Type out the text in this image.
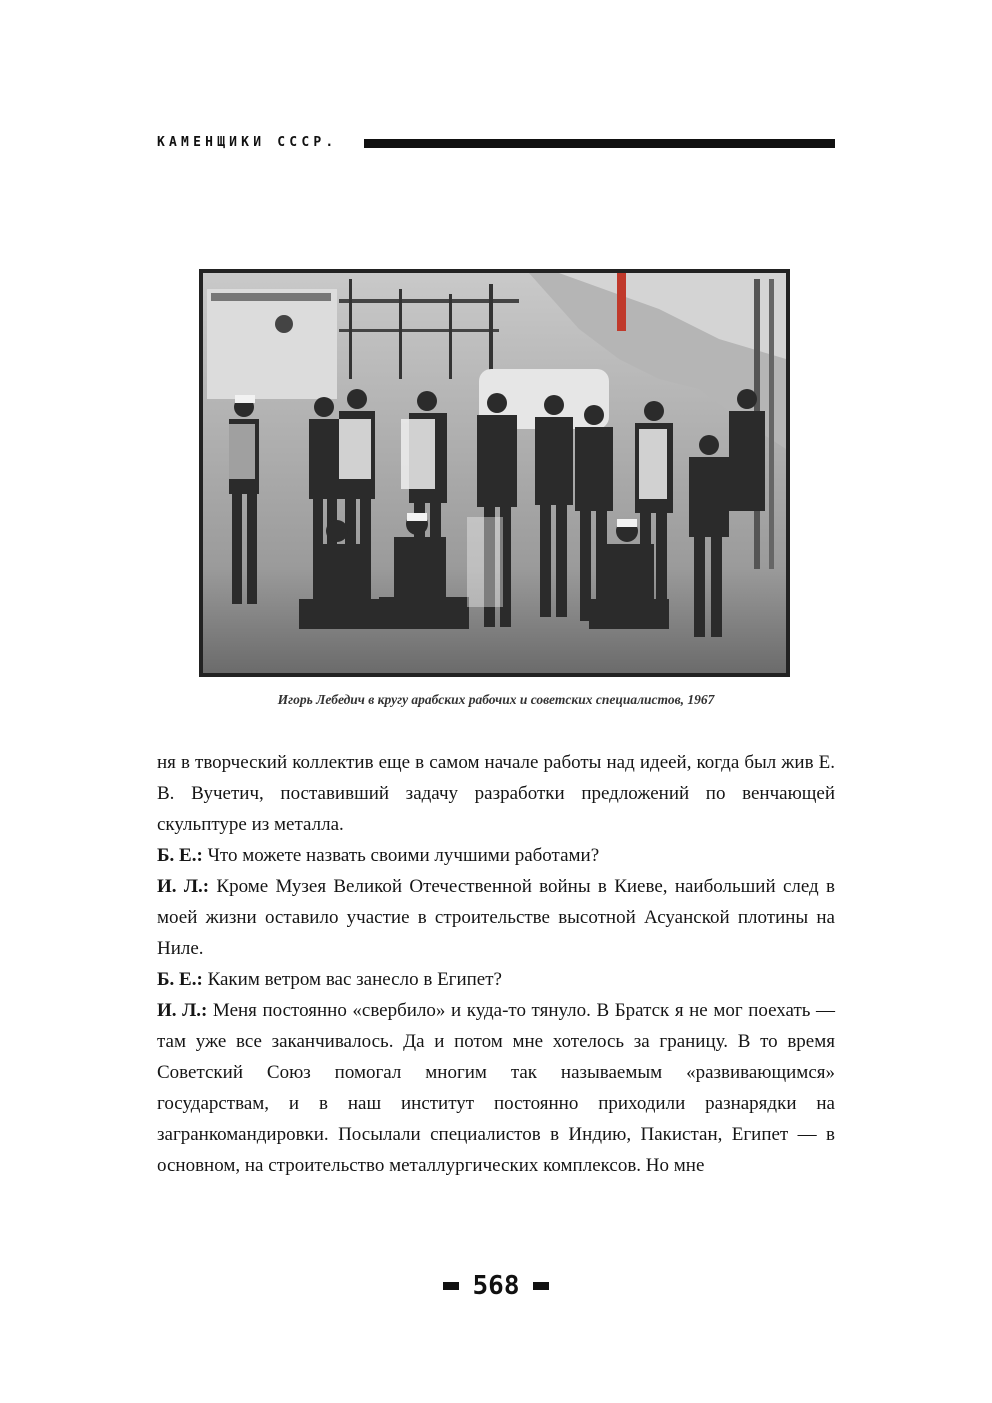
КАМЕНЩИКИ СССР.
Игорь Лебедич в кругу арабских рабочих и советских специалистов, 1967

ня в творческий коллектив еще в самом начале работы над идеей, когда был жив Е. В. Вучетич, поставивший задачу разработки предложений по венчающей скульптуре из металла.

Б. Е.: Что можете назвать своими лучшими работами?

И. Л.: Кроме Музея Великой Отечественной войны в Киеве, наибольший след в моей жизни оставило участие в строительстве высотной Асуанской плотины на Ниле.

Б. Е.: Каким ветром вас занесло в Египет?

И. Л.: Меня постоянно «свербило» и куда-то тянуло. В Братск я не мог поехать — там уже все заканчивалось. Да и потом мне хотелось за границу. В то время Советский Союз помогал многим так называемым «развивающимся» государствам, и в наш институт постоянно приходили разнарядки на загранкомандировки. Посылали специалистов в Индию, Пакистан, Египет — в основном, на строительство металлургических комплексов. Но мне

568
